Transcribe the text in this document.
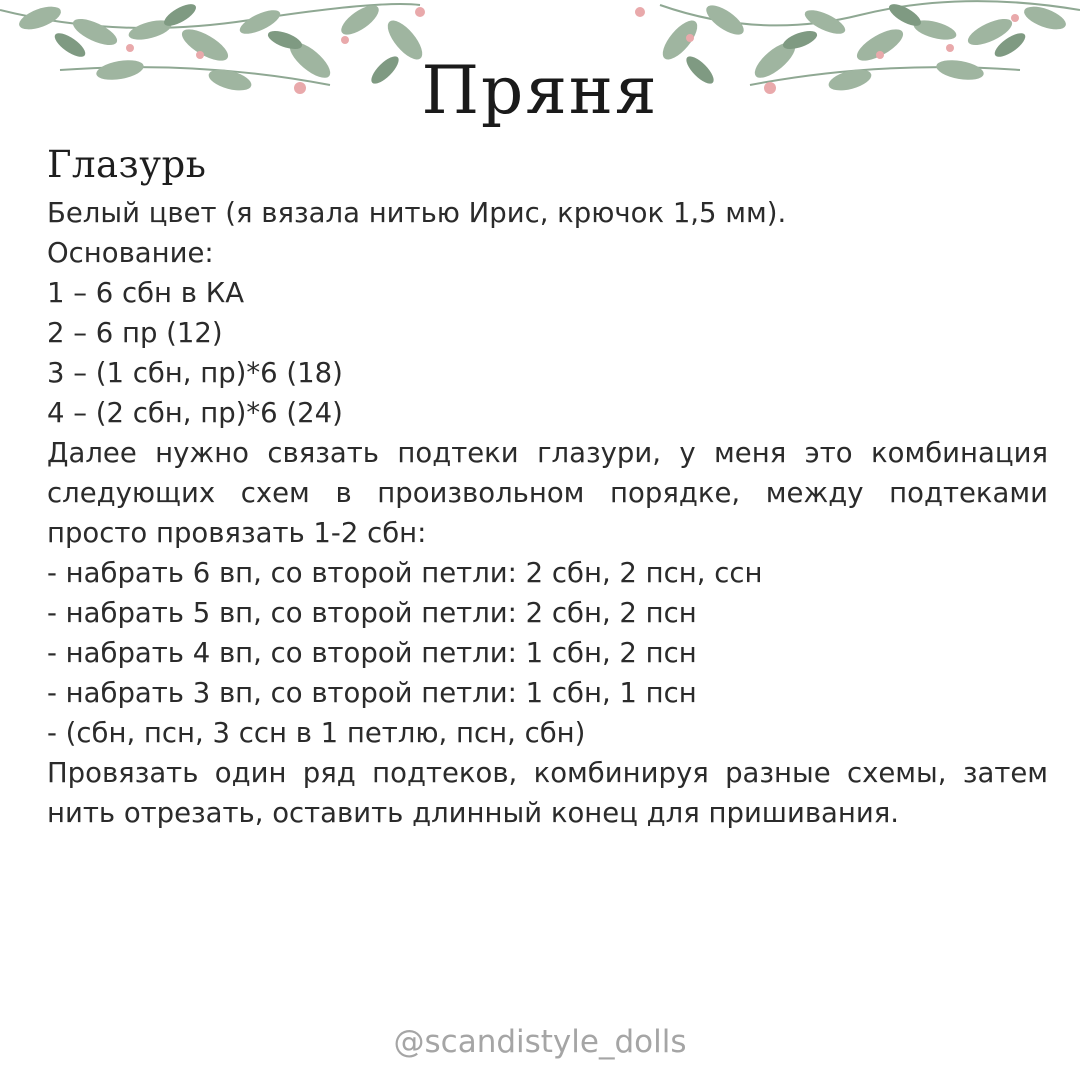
Пряня
Глазурь
Белый цвет (я вязала нитью Ирис, крючок 1,5 мм).
Основание:
1 – 6 сбн в КА
2 – 6 пр (12)
3 – (1 сбн, пр)*6 (18)
4 – (2 сбн, пр)*6 (24)
Далее нужно связать подтеки глазури, у меня это комбинация следующих схем в произвольном порядке, между подтеками просто провязать 1-2 сбн:
- набрать 6 вп, со второй петли: 2 сбн, 2 псн, ссн
- набрать 5 вп, со второй петли: 2 сбн, 2 псн
- набрать 4 вп, со второй петли: 1 сбн, 2 псн
- набрать 3 вп, со второй петли: 1 сбн, 1 псн
- (сбн, псн, 3 ссн в 1 петлю, псн, сбн)
Провязать один ряд подтеков, комбинируя разные схемы, затем нить отрезать, оставить длинный конец для пришивания.
@scandistyle_dolls
